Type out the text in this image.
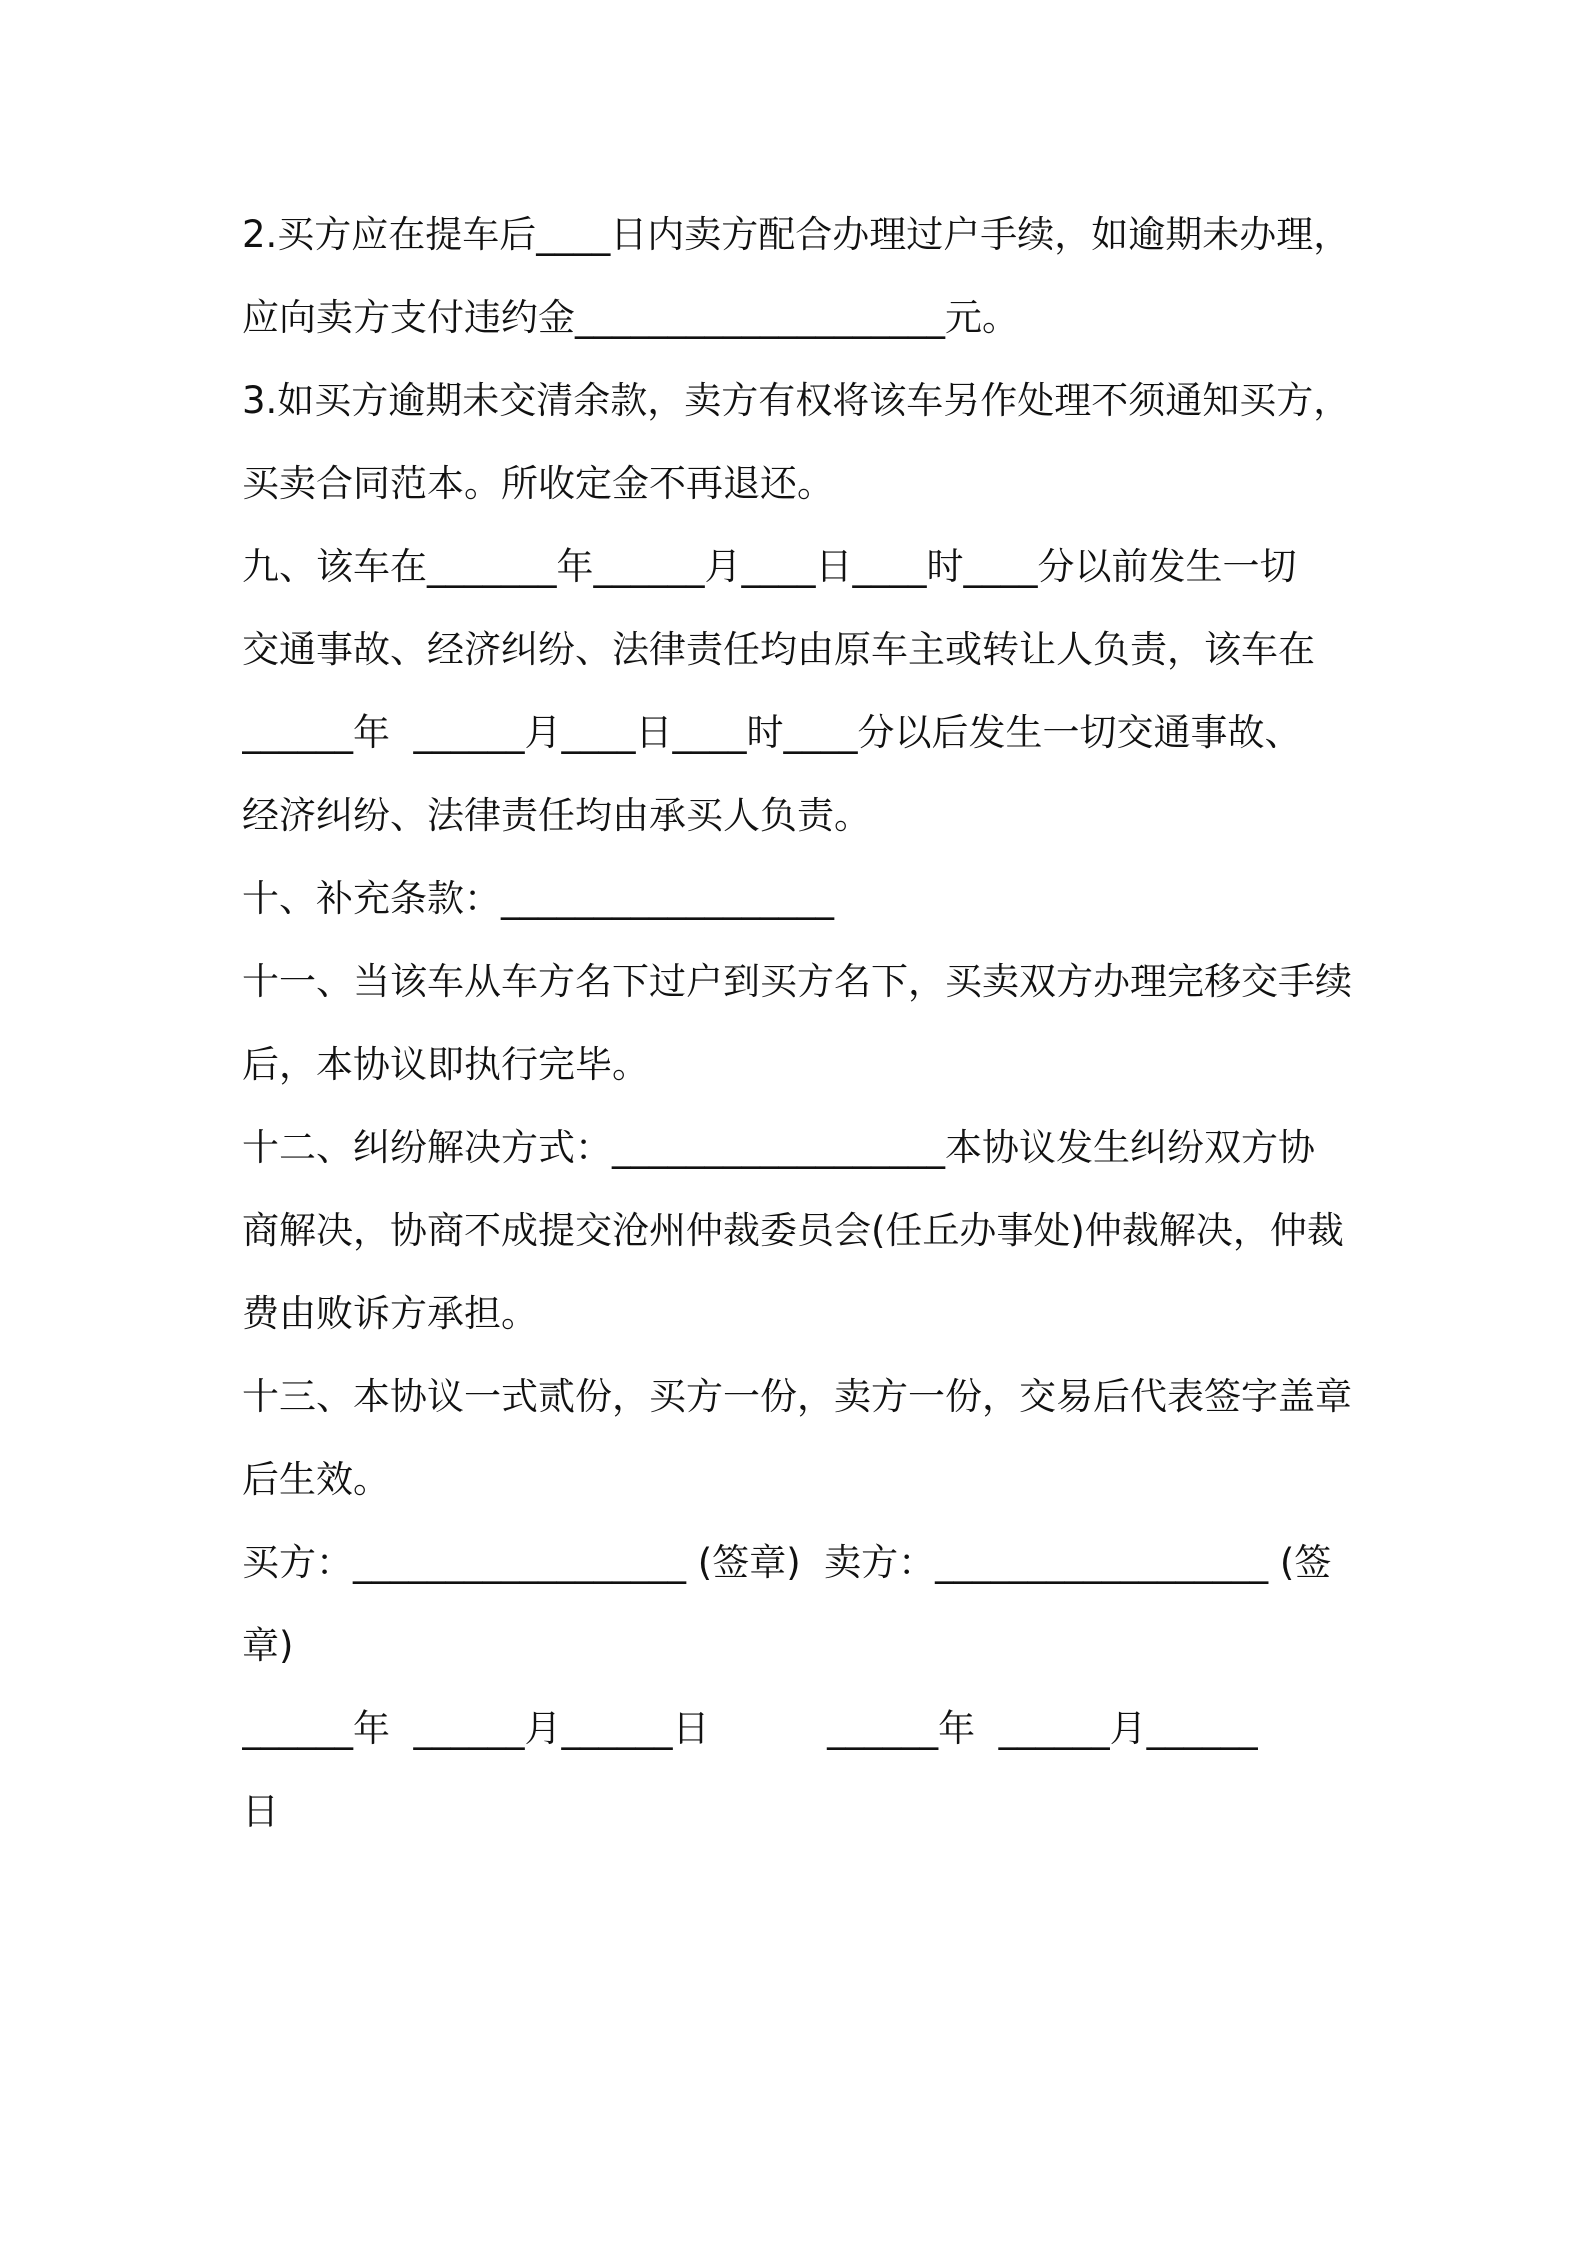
2.买方应在提车后____日内卖方配合办理过户手续，如逾期未办理，
应向卖方支付违约金____________________元。
3.如买方逾期未交清余款，卖方有权将该车另作处理不须通知买方，
买卖合同范本。所收定金不再退还。
九、该车在_______年______月____日____时____分以前发生一切
交通事故、经济纠纷、法律责任均由原车主或转让人负责，该车在
______年  ______月____日____时____分以后发生一切交通事故、
经济纠纷、法律责任均由承买人负责。
十、补充条款：__________________
十一、当该车从车方名下过户到买方名下，买卖双方办理完移交手续
后，本协议即执行完毕。
十二、纠纷解决方式：__________________本协议发生纠纷双方协
商解决，协商不成提交沧州仲裁委员会(任丘办事处)仲裁解决，仲裁
费由败诉方承担。
十三、本协议一式贰份，买方一份，卖方一份，交易后代表签字盖章
后生效。
买方：__________________ (签章)  卖方：__________________ (签
章)
______年  ______月______日          ______年  ______月______
日
